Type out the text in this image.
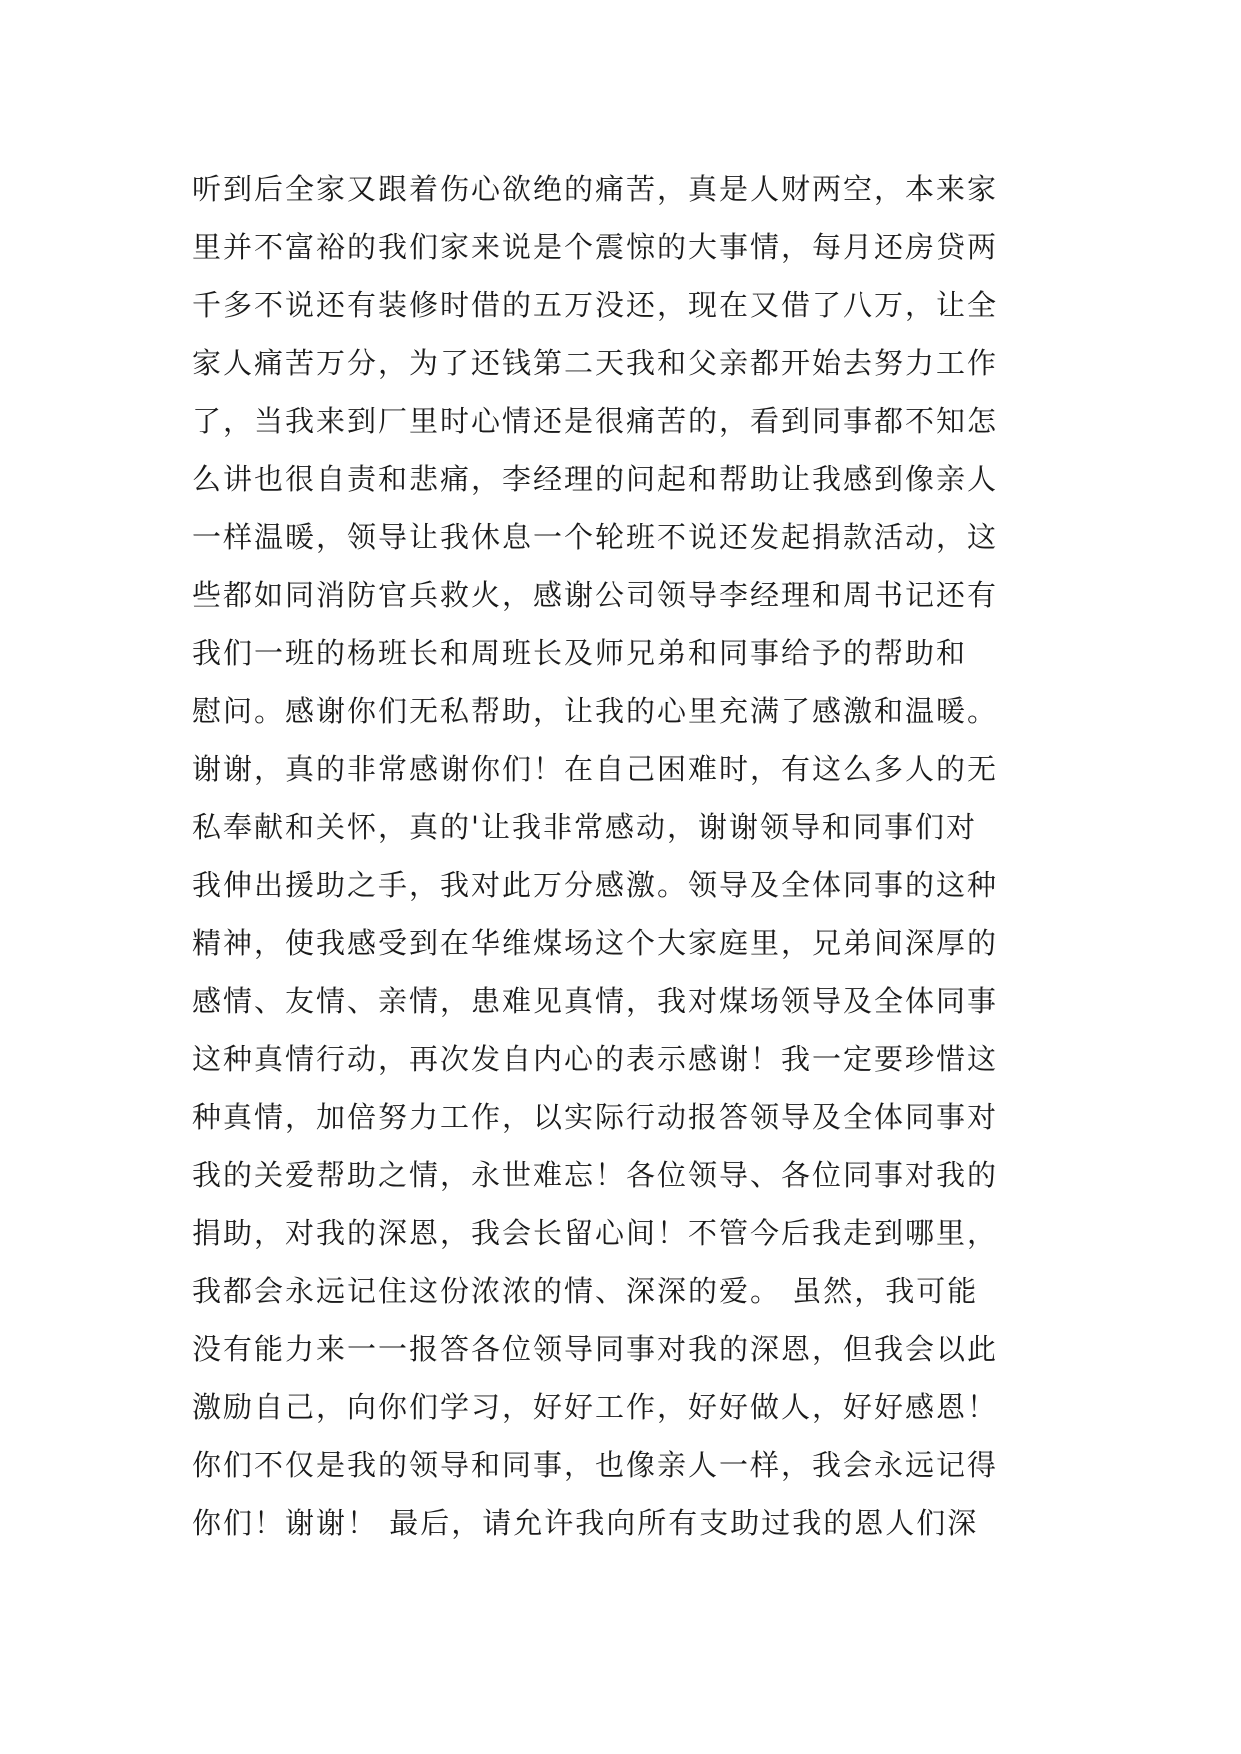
听到后全家又跟着伤心欲绝的痛苦，真是人财两空，本来家
里并不富裕的我们家来说是个震惊的大事情，每月还房贷两
千多不说还有装修时借的五万没还，现在又借了八万，让全
家人痛苦万分，为了还钱第二天我和父亲都开始去努力工作
了，当我来到厂里时心情还是很痛苦的，看到同事都不知怎
么讲也很自责和悲痛，李经理的问起和帮助让我感到像亲人
一样温暖，领导让我休息一个轮班不说还发起捐款活动，这
些都如同消防官兵救火，感谢公司领导李经理和周书记还有
我们一班的杨班长和周班长及师兄弟和同事给予的帮助和
慰问。感谢你们无私帮助，让我的心里充满了感激和温暖。
谢谢，真的非常感谢你们！在自己困难时，有这么多人的无
私奉献和关怀，真的'让我非常感动，谢谢领导和同事们对
我伸出援助之手，我对此万分感激。领导及全体同事的这种
精神，使我感受到在华维煤场这个大家庭里，兄弟间深厚的
感情、友情、亲情，患难见真情，我对煤场领导及全体同事
这种真情行动，再次发自内心的表示感谢！我一定要珍惜这
种真情，加倍努力工作，以实际行动报答领导及全体同事对
我的关爱帮助之情，永世难忘！各位领导、各位同事对我的
捐助，对我的深恩，我会长留心间！不管今后我走到哪里，
我都会永远记住这份浓浓的情、深深的爱。 虽然，我可能
没有能力来一一报答各位领导同事对我的深恩，但我会以此
激励自己，向你们学习，好好工作，好好做人，好好感恩！
你们不仅是我的领导和同事，也像亲人一样，我会永远记得
你们！谢谢！ 最后，请允许我向所有支助过我的恩人们深
